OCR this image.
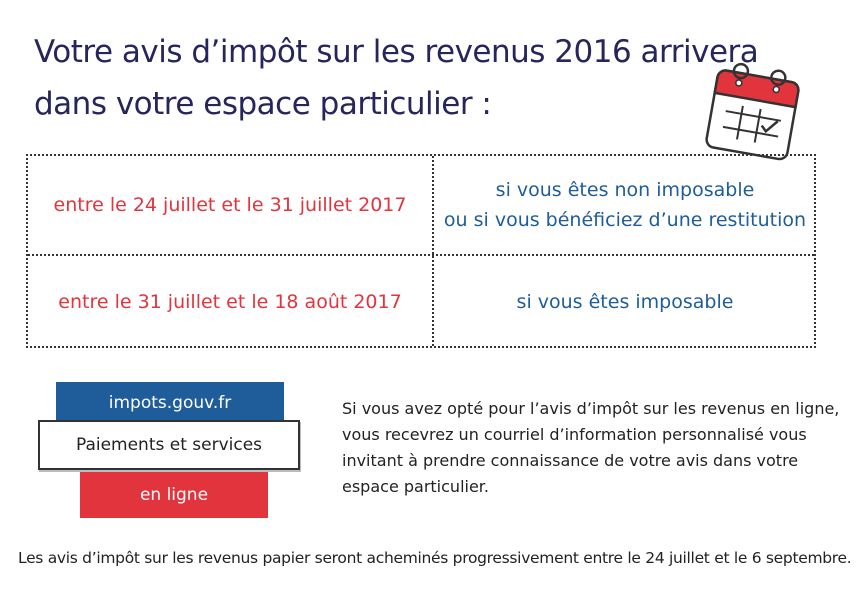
Votre avis d’impôt sur les revenus 2016 arrivera
dans votre espace particulier :
entre le 24 juillet et le 31 juillet 2017
si vous êtes non imposable
ou si vous bénéficiez d’une restitution
entre le 31 juillet et le 18 août 2017	si vous êtes imposable
impots.gouv.fr
Paiements et services
en ligne
Si vous avez opté pour l’avis d’impôt sur les revenus en ligne,
vous recevrez un courriel d’information personnalisé vous
invitant à prendre connaissance de votre avis dans votre
espace particulier.
Les avis d’impôt sur les revenus papier seront acheminés progressivement entre le 24 juillet et le 6 septembre.
